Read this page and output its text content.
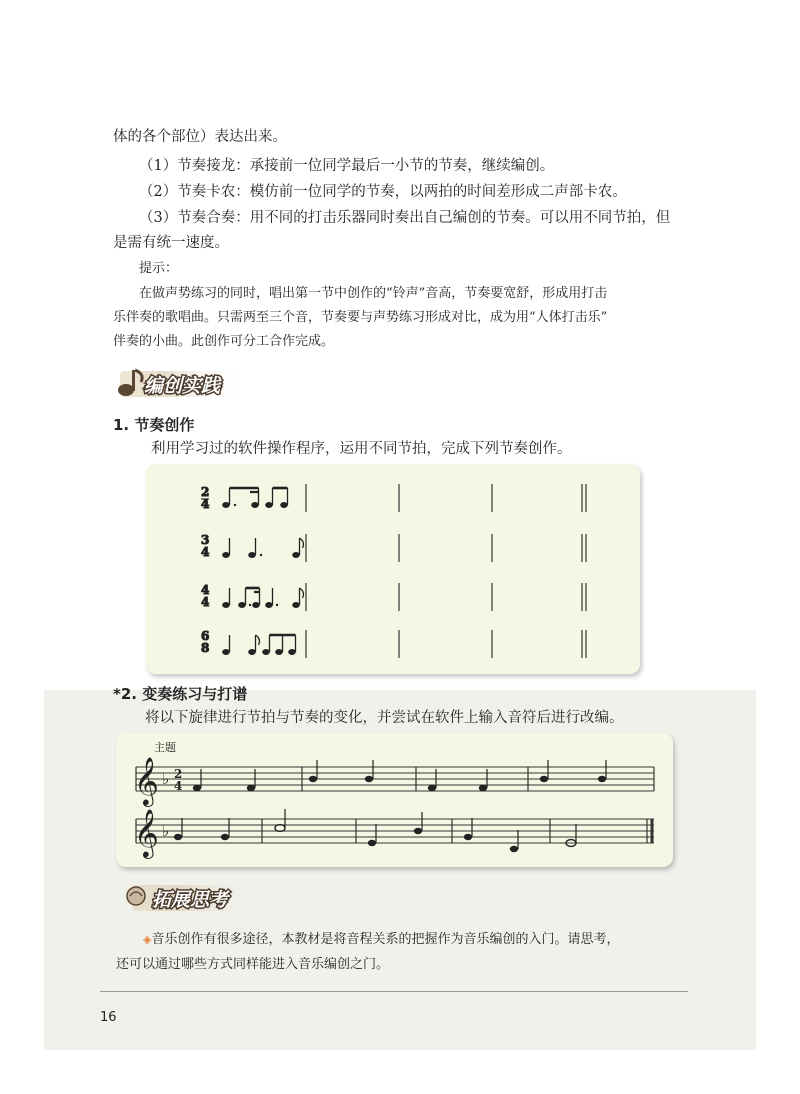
体的各个部位）表达出来。
（1）节奏接龙：承接前一位同学最后一小节的节奏，继续编创。
（2）节奏卡农：模仿前一位同学的节奏，以两拍的时间差形成二声部卡农。
（3）节奏合奏：用不同的打击乐器同时奏出自己编创的节奏。可以用不同节拍，但
是需有统一速度。
提示：
在做声势练习的同时，唱出第一节中创作的“铃声”音高，节奏要宽舒，形成用打击
乐伴奏的歌唱曲。只需两至三个音，节奏要与声势练习形成对比，成为用“人体打击乐”
伴奏的小曲。此创作可分工合作完成。
编创实践
1. 节奏创作
利用学习过的软件操作程序，运用不同节拍，完成下列节奏创作。
2
4
3
4
4
4
6
8
*2. 变奏练习与打谱
将以下旋律进行节拍与节奏的变化，并尝试在软件上输入音符后进行改编。
主题
𝄞
𝄞
♭
♭
2
4
拓展思考
◈音乐创作有很多途径，本教材是将音程关系的把握作为音乐编创的入门。请思考，
还可以通过哪些方式同样能进入音乐编创之门。
16
